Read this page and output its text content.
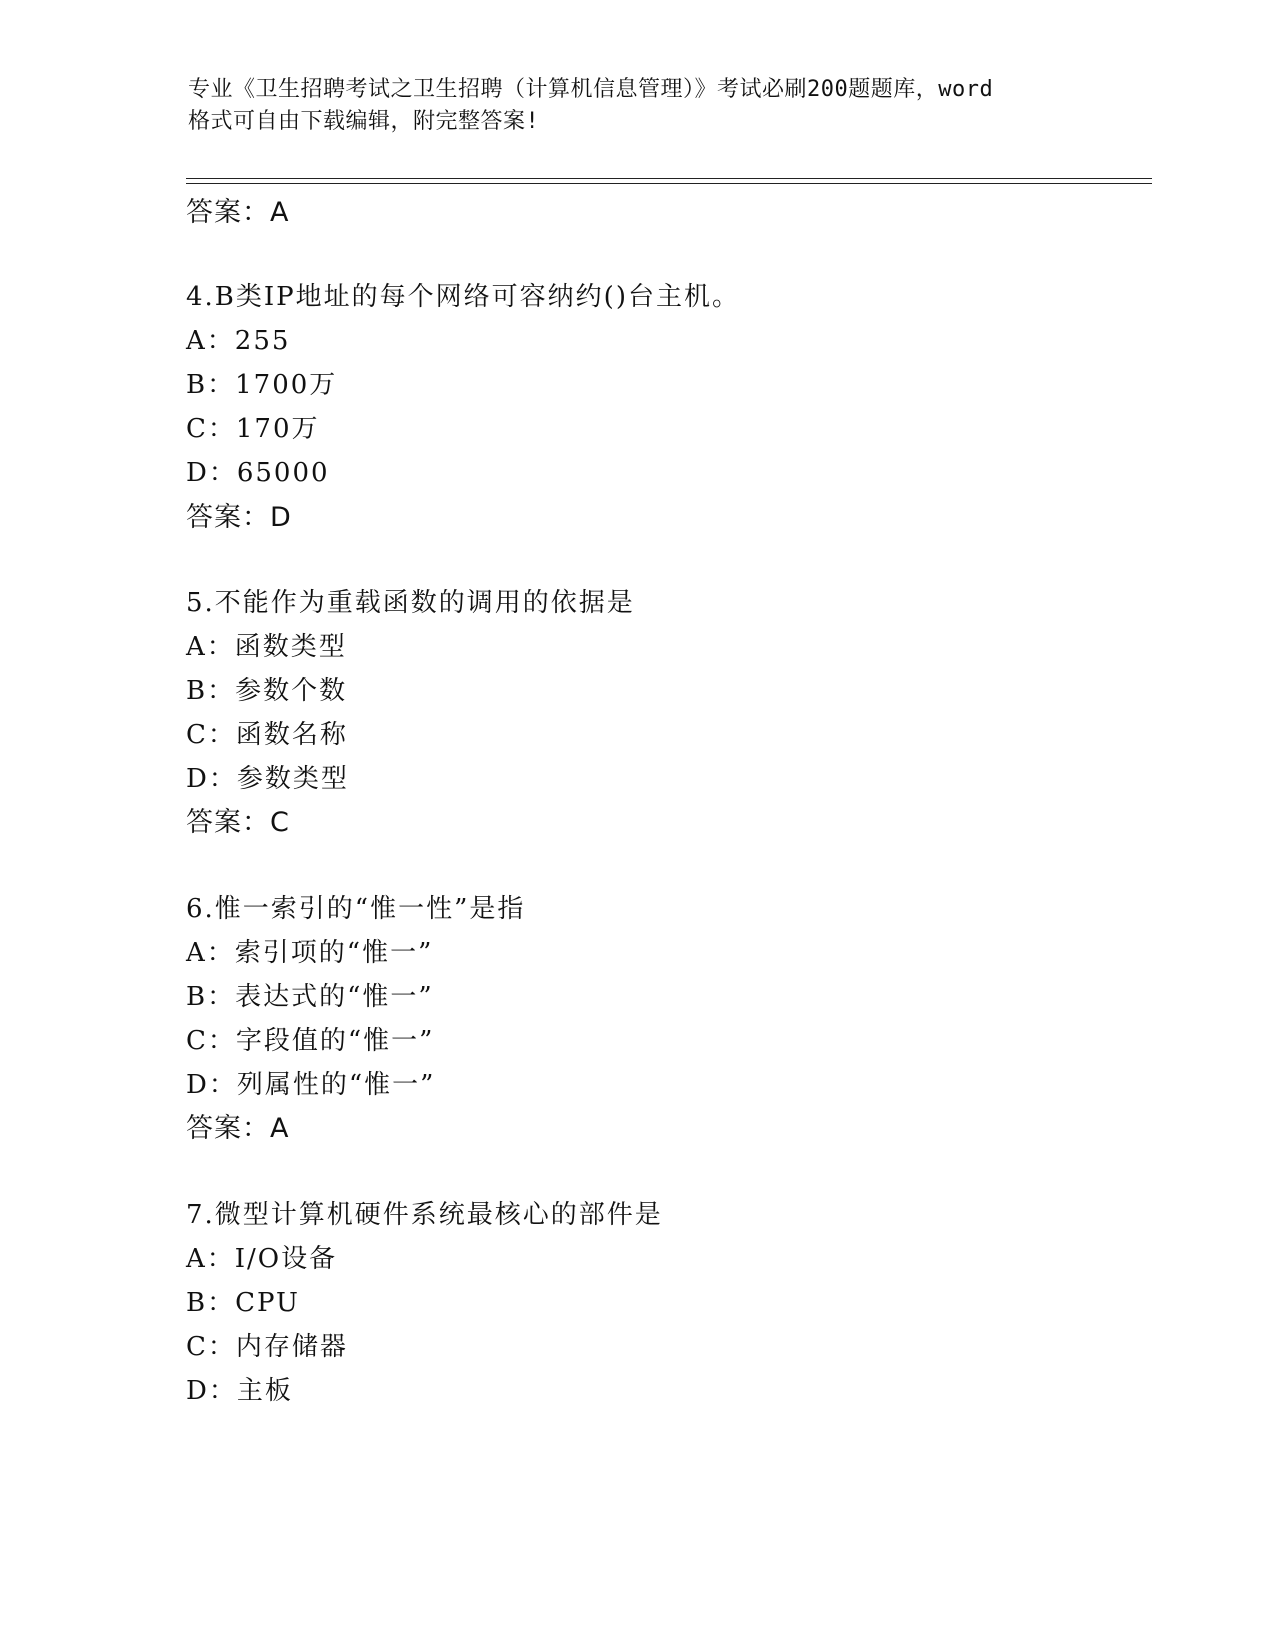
专业《卫生招聘考试之卫生招聘（计算机信息管理）》考试必刷200题题库，word
格式可自由下载编辑，附完整答案!
答案：A
4.B类IP地址的每个网络可容纳约()台主机。
A：255
B：1700万
C：170万
D：65000
答案：D
5.不能作为重载函数的调用的依据是
A：函数类型
B：参数个数
C：函数名称
D：参数类型
答案：C
6.惟一索引的“惟一性”是指
A：索引项的“惟一”
B：表达式的“惟一”
C：字段值的“惟一”
D：列属性的“惟一”
答案：A
7.微型计算机硬件系统最核心的部件是
A：I/O设备
B：CPU
C：内存储器
D：主板
